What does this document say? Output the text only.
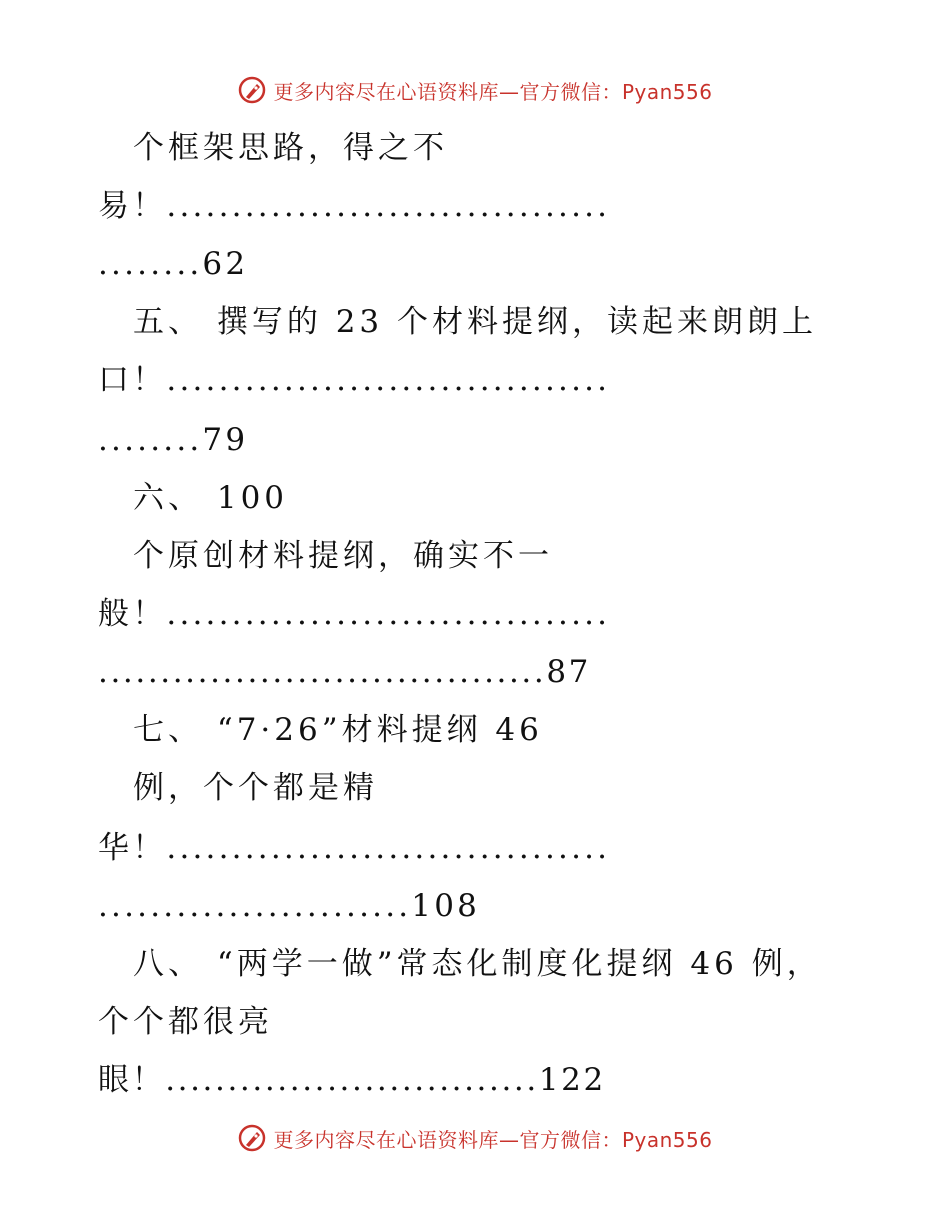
更多内容尽在心语资料库—官方微信：Pyan556
个框架思路，得之不
易！..................................
........62
五、 撰写的 23 个材料提纲，读起来朗朗上
口！..................................
........79
六、 100
个原创材料提纲，确实不一
般！..................................
....................................87
七、 “7·26”材料提纲 46
例，个个都是精
华！..................................
........................108
八、 “两学一做”常态化制度化提纲 46 例，
个个都很亮
眼！..............................122
更多内容尽在心语资料库—官方微信：Pyan556
